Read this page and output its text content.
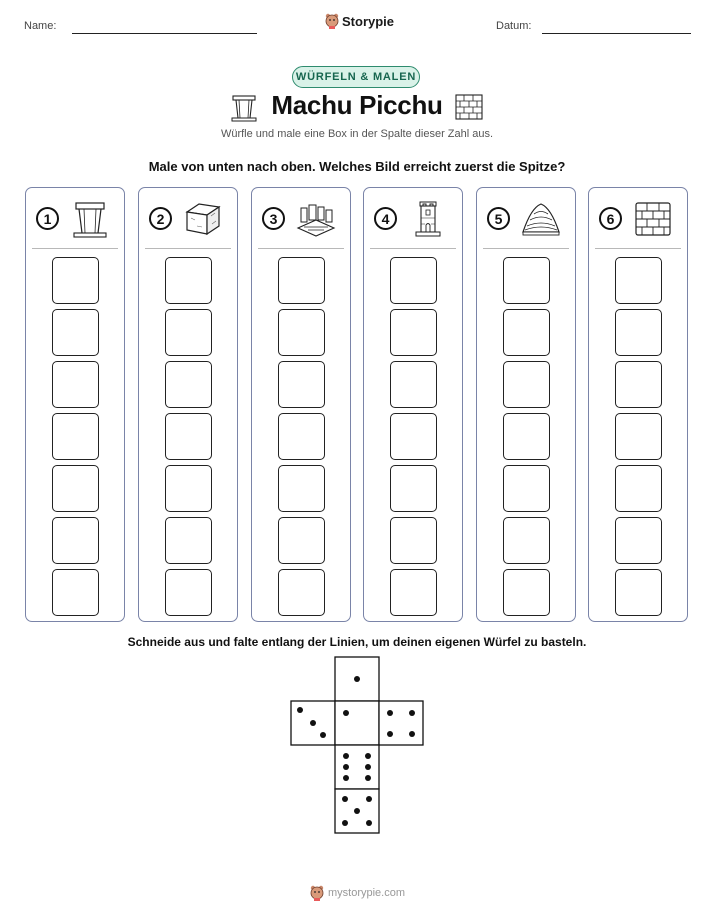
Name:	Storypie	Datum:
WÜRFELN & MALEN
Machu Picchu
Würfle und male eine Box in der Spalte dieser Zahl aus.
Male von unten nach oben. Welches Bild erreicht zuerst die Spitze?
1	2	3	4	5	6
Schneide aus und falte entlang der Linien, um deinen eigenen Würfel zu basteln.
mystorypie.com
